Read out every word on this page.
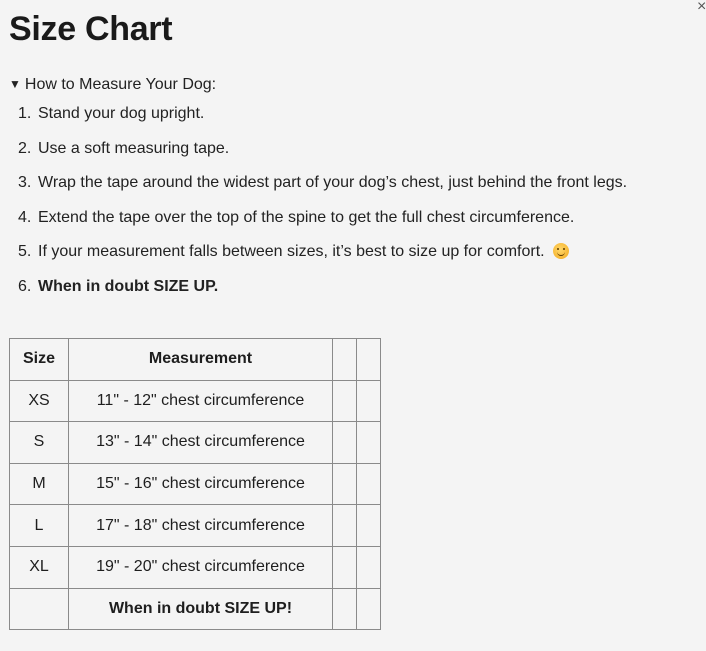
×
Size Chart
▼ How to Measure Your Dog:
1. Stand your dog upright.
2. Use a soft measuring tape.
3. Wrap the tape around the widest part of your dog’s chest, just behind the front legs.
4. Extend the tape over the top of the spine to get the full chest circumference.
5. If your measurement falls between sizes, it’s best to size up for comfort.
6. When in doubt SIZE UP.
Size	Measurement		
XS	11" - 12" chest circumference		
S	13" - 14" chest circumference		
M	15" - 16" chest circumference		
L	17" - 18" chest circumference		
XL	19" - 20" chest circumference		
	When in doubt SIZE UP!		
